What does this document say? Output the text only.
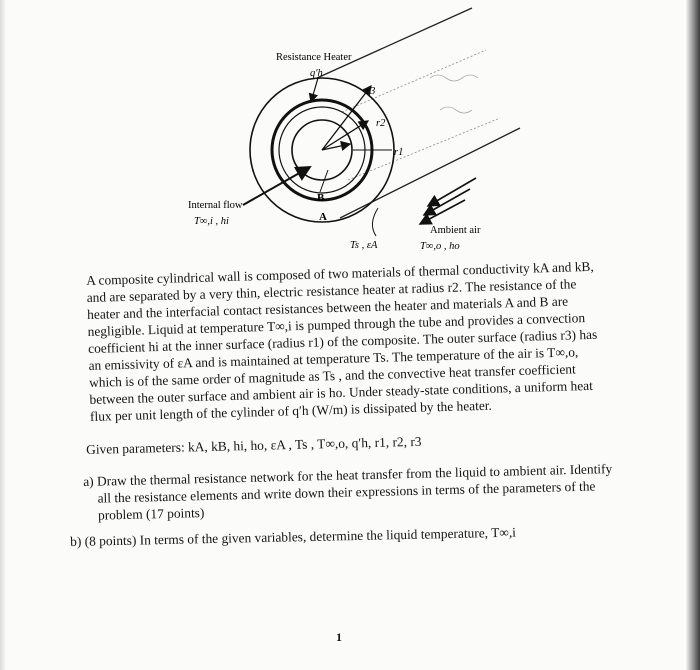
Resistance Heater
q′h
r3
r2
r1
B
A
Internal flow
T∞,i , hi
Ts , εA
Ambient air
T∞,o , ho

A composite cylindrical wall is composed of two materials of thermal conductivity kA and kB, and are separated by a very thin, electric resistance heater at radius r2. The resistance of the heater and the interfacial contact resistances between the heater and materials A and B are negligible. Liquid at temperature T∞,i is pumped through the tube and provides a convection coefficient hi at the inner surface (radius r1) of the composite. The outer surface (radius r3) has an emissivity of εA and is maintained at temperature Ts. The temperature of the air is T∞,o, which is of the same order of magnitude as Ts , and the convective heat transfer coefficient between the outer surface and ambient air is ho. Under steady-state conditions, a uniform heat flux per unit length of the cylinder of q′h (W/m) is dissipated by the heater.

Given parameters: kA, kB, hi, ho, εA , Ts , T∞,o, q′h, r1, r2, r3
a) Draw the thermal resistance network for the heat transfer from the liquid to ambient air. Identify all the resistance elements and write down their expressions in terms of the parameters of the problem (17 points)
b) (8 points) In terms of the given variables, determine the liquid temperature, T∞,i
1
